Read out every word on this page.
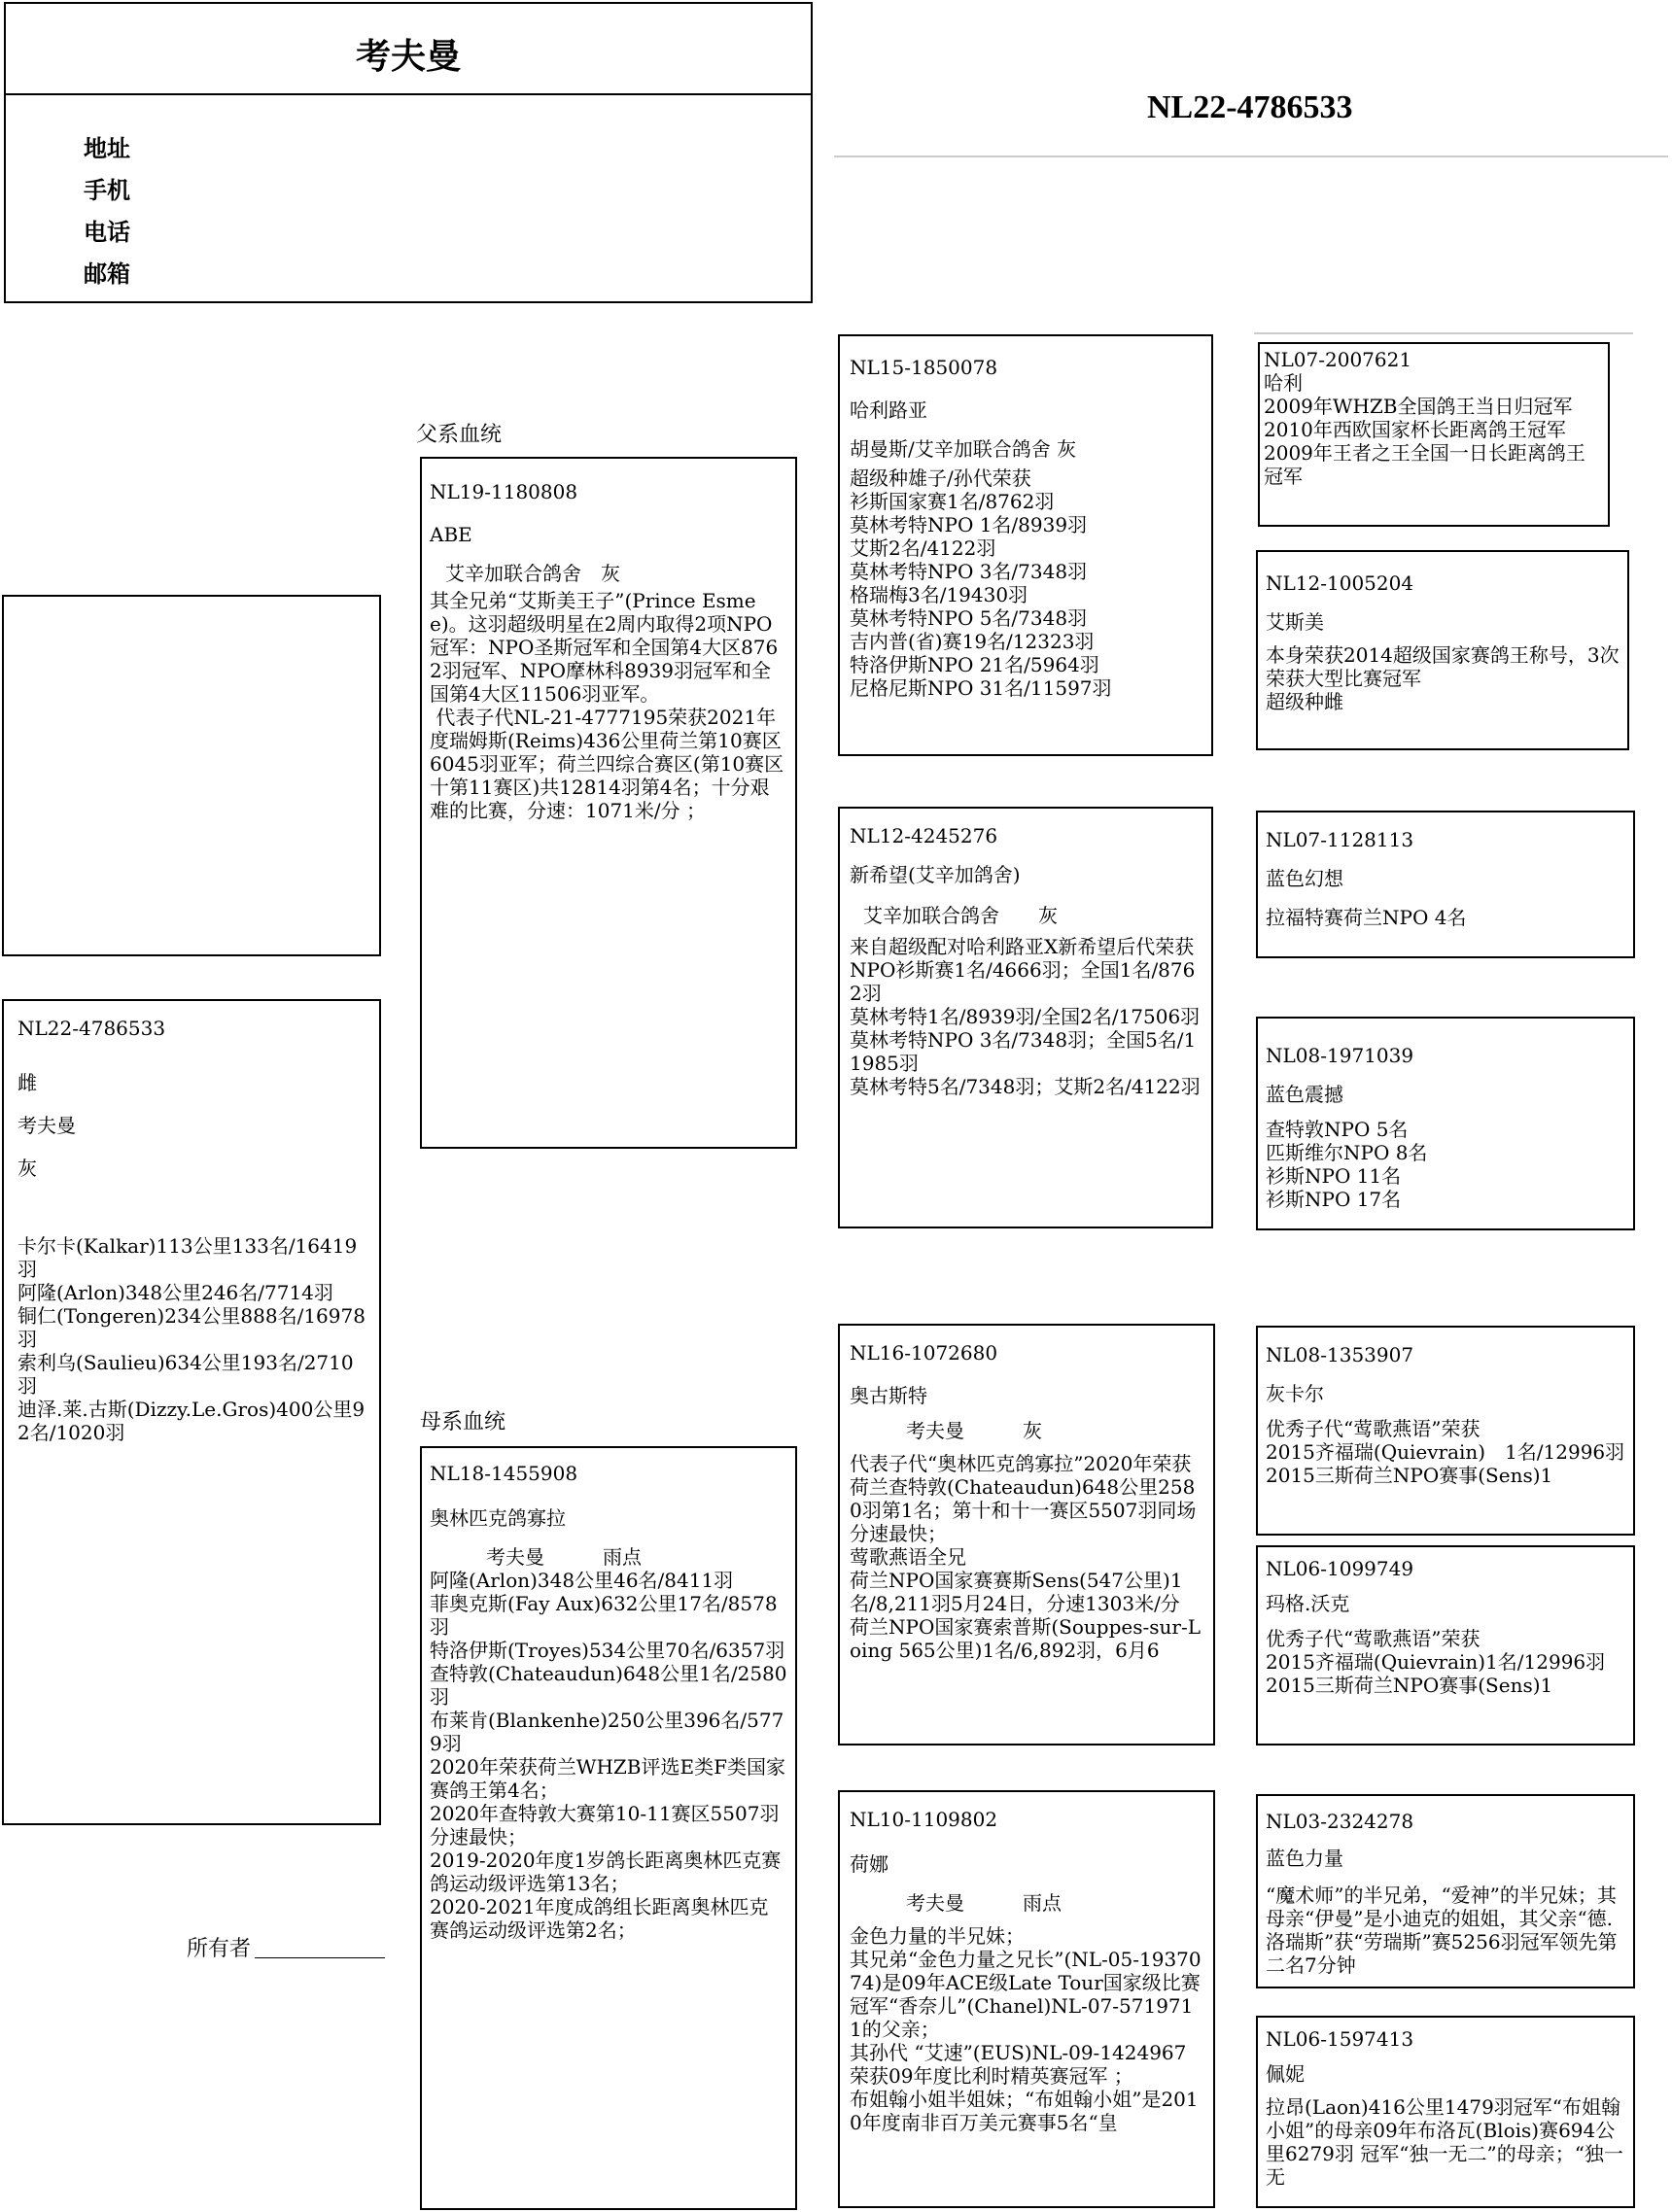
考夫曼
地址
手机
电话
邮箱
NL22-4786533
NL22-4786533
雌
考夫曼
灰
卡尔卡(Kalkar)113公里133名/16419羽
阿隆(Arlon)348公里246名/7714羽
铜仁(Tongeren)234公里888名/16978羽
索利乌(Saulieu)634公里193名/2710羽
迪泽.莱.古斯(Dizzy.Le.Gros)400公里92名/1020羽
所有者
父系血统
母系血统
NL19-1180808
ABE
艾辛加联合鸽舍　灰
其全兄弟“艾斯美王子”(Prince Esmee)。这羽超级明星在2周内取得2项NPO冠军：NPO圣斯冠军和全国第4大区8762羽冠军、NPO摩林科8939羽冠军和全国第4大区11506羽亚军。
代表子代NL-21-4777195荣获2021年度瑞姆斯(Reims)436公里荷兰第10赛区6045羽亚军；荷兰四综合赛区(第10赛区十第11赛区)共12814羽第4名；十分艰难的比赛，分速：1071米/分 ；
NL15-1850078
哈利路亚
胡曼斯/艾辛加联合鸽舍 灰
超级种雄子/孙代荣获
衫斯国家赛1名/8762羽
莫林考特NPO 1名/8939羽
艾斯2名/4122羽
莫林考特NPO 3名/7348羽
格瑞梅3名/19430羽
莫林考特NPO 5名/7348羽
吉内普(省)赛19名/12323羽
特洛伊斯NPO 21名/5964羽
尼格尼斯NPO 31名/11597羽
NL12-4245276
新希望(艾辛加鸽舍)
艾辛加联合鸽舍　　灰
来自超级配对哈利路亚X新希望后代荣获
NPO衫斯赛1名/4666羽；全国1名/8762羽
莫林考特1名/8939羽/全国2名/17506羽
莫林考特NPO 3名/7348羽；全国5名/11985羽
莫林考特5名/7348羽；艾斯2名/4122羽
NL07-2007621
哈利
2009年WHZB全国鸽王当日归冠军
2010年西欧国家杯长距离鸽王冠军
2009年王者之王全国一日长距离鸽王冠军
NL12-1005204
艾斯美
本身荣获2014超级国家赛鸽王称号，3次荣获大型比赛冠军
超级种雌
NL07-1128113
蓝色幻想
拉福特赛荷兰NPO 4名
NL08-1971039
蓝色震撼
查特敦NPO 5名
匹斯维尔NPO 8名
衫斯NPO 11名
衫斯NPO 17名
NL18-1455908
奥林匹克鸽寡拉
考夫曼　　　雨点
阿隆(Arlon)348公里46名/8411羽
菲奥克斯(Fay Aux)632公里17名/8578羽
特洛伊斯(Troyes)534公里70名/6357羽
查特敦(Chateaudun)648公里1名/2580羽
布莱肯(Blankenhe)250公里396名/5779羽
2020年荣获荷兰WHZB评选E类F类国家赛鸽王第4名；
2020年查特敦大赛第10-11赛区5507羽分速最快；
2019-2020年度1岁鸽长距离奥林匹克赛鸽运动级评选第13名；
2020-2021年度成鸽组长距离奥林匹克赛鸽运动级评选第2名；
NL16-1072680
奥古斯特
考夫曼　　　灰
代表子代“奥林匹克鸽寡拉”2020年荣获荷兰查特敦(Chateaudun)648公里2580羽第1名；第十和十一赛区5507羽同场分速最快；
莺歌燕语全兄
荷兰NPO国家赛赛斯Sens(547公里)1名/8,211羽5月24日，分速1303米/分
荷兰NPO国家赛索普斯(Souppes-sur-Loing 565公里)1名/6,892羽，6月6
NL10-1109802
荷娜
考夫曼　　　雨点
金色力量的半兄妹；
其兄弟“金色力量之兄长”(NL-05-1937074)是09年ACE级Late Tour国家级比赛冠军“香奈儿”(Chanel)NL-07-5719711的父亲；
其孙代 “艾速”(EUS)NL-09-1424967荣获09年度比利时精英赛冠军 ；
布姐翰小姐半姐妹；“布姐翰小姐”是2010年度南非百万美元赛事5名“皇
NL08-1353907
灰卡尔
优秀子代“莺歌燕语”荣获
2015齐福瑞(Quievrain)　1名/12996羽
2015三斯荷兰NPO赛事(Sens)1
NL06-1099749
玛格.沃克
优秀子代“莺歌燕语”荣获
2015齐福瑞(Quievrain)1名/12996羽
2015三斯荷兰NPO赛事(Sens)1
NL03-2324278
蓝色力量
“魔术师”的半兄弟，“爱神”的半兄妹；其母亲“伊曼”是小迪克的姐姐，其父亲“德.洛瑞斯”获“劳瑞斯”赛5256羽冠军领先第二名7分钟
NL06-1597413
佩妮
拉昂(Laon)416公里1479羽冠军“布姐翰小姐”的母亲09年布洛瓦(Blois)赛694公里6279羽 冠军“独一无二”的母亲；“独一无
